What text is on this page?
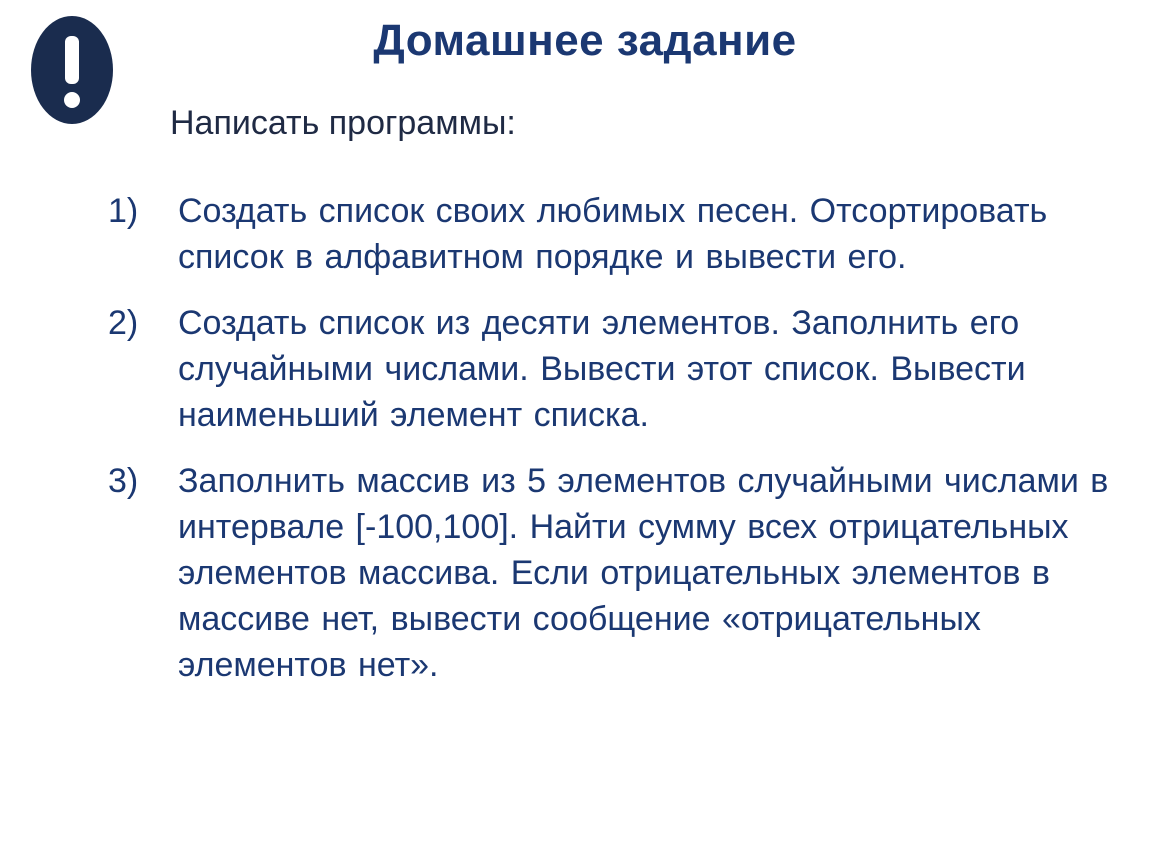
Домашнее задание
Написать программы:
1) Создать список своих любимых песен. Отсортировать список в алфавитном порядке и вывести его.
2) Создать список из десяти элементов. Заполнить его случайными числами. Вывести этот список. Вывести наименьший элемент списка.
3) Заполнить массив из 5 элементов случайными числами в интервале [-100,100]. Найти сумму всех отрицательных элементов массива. Если отрицательных элементов в массиве нет, вывести сообщение «отрицательных элементов нет».
